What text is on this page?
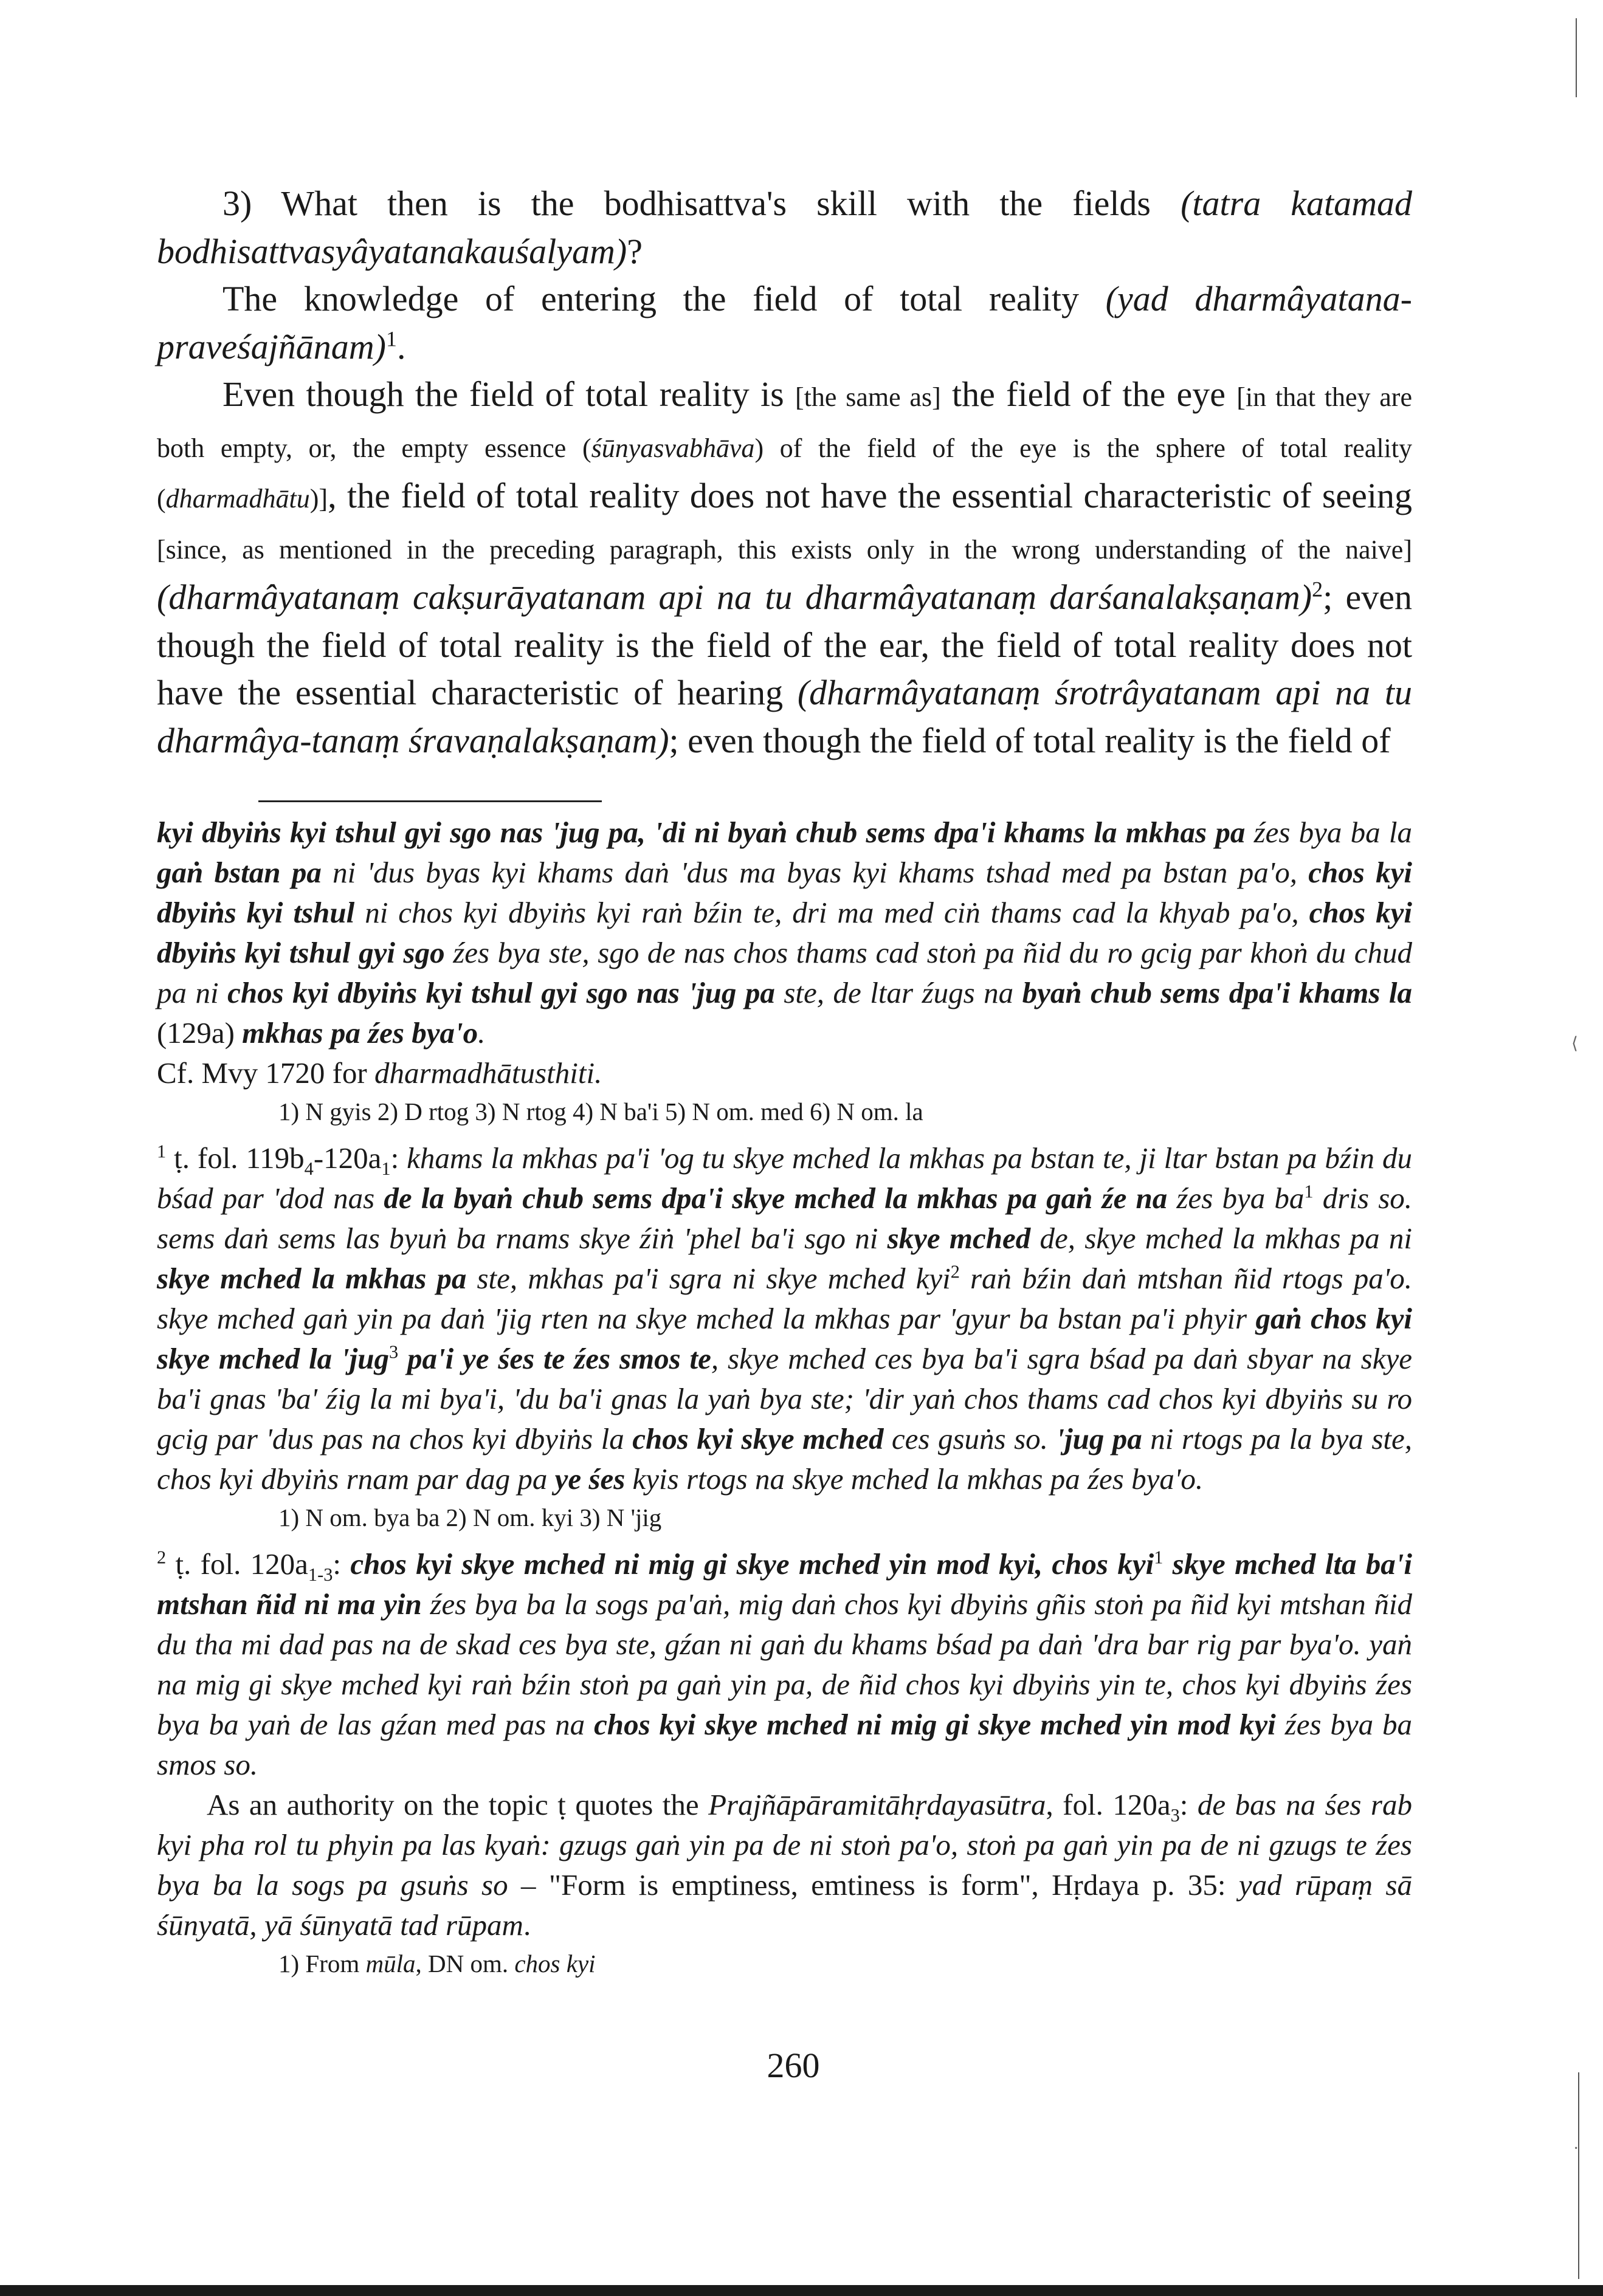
3) What then is the bodhisattva's skill with the fields (tatra katamad bodhisattvasyâyatanakauśalyam)?

The knowledge of entering the field of total reality (yad dharmâyatana-praveśajñānam)$^1$.

Even though the field of total reality is [the same as] the field of the eye [in that they are both empty, or, the empty essence (śūnyasvabhāva) of the field of the eye is the sphere of total reality (dharmadhātu)], the field of total reality does not have the essential characteristic of seeing [since, as mentioned in the preceding paragraph, this exists only in the wrong understanding of the naive] (dharmâyatanaṃ cakṣurāyatanam api na tu dharmâyatanaṃ darśanalakṣaṇam)$^2$; even though the field of total reality is the field of the ear, the field of total reality does not have the essential characteristic of hearing (dharmâyatanaṃ śrotrâyatanam api na tu dharmâya-tanaṃ śravaṇalakṣaṇam); even though the field of total reality is the field of

kyi dbyiṅs kyi tshul gyi sgo nas 'jug pa, 'di ni byaṅ chub sems dpa'i khams la mkhas pa źes bya ba la gaṅ bstan pa ni 'dus byas kyi khams daṅ 'dus ma byas kyi khams tshad med pa bstan pa'o, chos kyi dbyiṅs kyi tshul ni chos kyi dbyiṅs kyi raṅ bźin te, dri ma med ciṅ thams cad la khyab pa'o, chos kyi dbyiṅs kyi tshul gyi sgo źes bya ste, sgo de nas chos thams cad stoṅ pa ñid du ro gcig par khoṅ du chud pa ni chos kyi dbyiṅs kyi tshul gyi sgo nas 'jug pa ste, de ltar źugs na byaṅ chub sems dpa'i khams la (129a) mkhas pa źes bya'o.

Cf. Mvy 1720 for dharmadhātusthiti.

1) N gyis 2) D rtog 3) N rtog 4) N ba'i 5) N om. med 6) N om. la

$^1$ ṭ. fol. $119b_4-120a_1$: khams la mkhas pa'i 'og tu skye mched la mkhas pa bstan te, ji ltar bstan pa bźin du bśad par 'dod nas de la byaṅ chub sems dpa'i skye mched la mkhas pa gaṅ źe na źes bya $ba^1$ dris so. sems daṅ sems las byuṅ ba rnams skye źiṅ 'phel ba'i sgo ni skye mched de, skye mched la mkhas pa ni skye mched la mkhas pa ste, mkhas pa'i sgra ni skye mched kyi$^2$ raṅ bźin daṅ mtshan ñid rtogs pa'o. skye mched gaṅ yin pa daṅ 'jig rten na skye mched la mkhas par 'gyur ba bstan pa'i phyir gaṅ chos kyi skye mched la 'jug$^3$ pa'i ye śes te źes smos te, skye mched ces bya ba'i sgra bśad pa daṅ sbyar na skye ba'i gnas 'ba' źig la mi bya'i, 'du ba'i gnas la yaṅ bya ste; 'dir yaṅ chos thams cad chos kyi dbyiṅs su ro gcig par 'dus pas na chos kyi dbyiṅs la chos kyi skye mched ces gsuṅs so. 'jug pa ni rtogs pa la bya ste, chos kyi dbyiṅs rnam par dag pa ye śes kyis rtogs na skye mched la mkhas pa źes bya'o.

1) N om. bya ba 2) N om. kyi 3) N 'jig

$^2$ ṭ. fol. $120a_{1-3}$: chos kyi skye mched ni mig gi skye mched yin mod kyi, chos kyi$^1$ skye mched lta ba'i mtshan ñid ni ma yin źes bya ba la sogs pa'aṅ, mig daṅ chos kyi dbyiṅs gñis stoṅ pa ñid kyi mtshan ñid du tha mi dad pas na de skad ces bya ste, gźan ni gaṅ du khams bśad pa daṅ 'dra bar rig par bya'o. yaṅ na mig gi skye mched kyi raṅ bźin stoṅ pa gaṅ yin pa, de ñid chos kyi dbyiṅs yin te, chos kyi dbyiṅs źes bya ba yaṅ de las gźan med pas na chos kyi skye mched ni mig gi skye mched yin mod kyi źes bya ba smos so.

As an authority on the topic ṭ quotes the Prajñāpāramitāhṛdayasūtra, fol. $120a_3$: de bas na śes rab kyi pha rol tu phyin pa las kyaṅ: gzugs gaṅ yin pa de ni stoṅ pa'o, stoṅ pa gaṅ yin pa de ni gzugs te źes bya ba la sogs pa gsuṅs so – "Form is emptiness, emtiness is form", Hṛdaya p. 35: yad rūpaṃ sā śūnyatā, yā śūnyatā tad rūpam.

1) From mūla, DN om. chos kyi

260
⟨
·
